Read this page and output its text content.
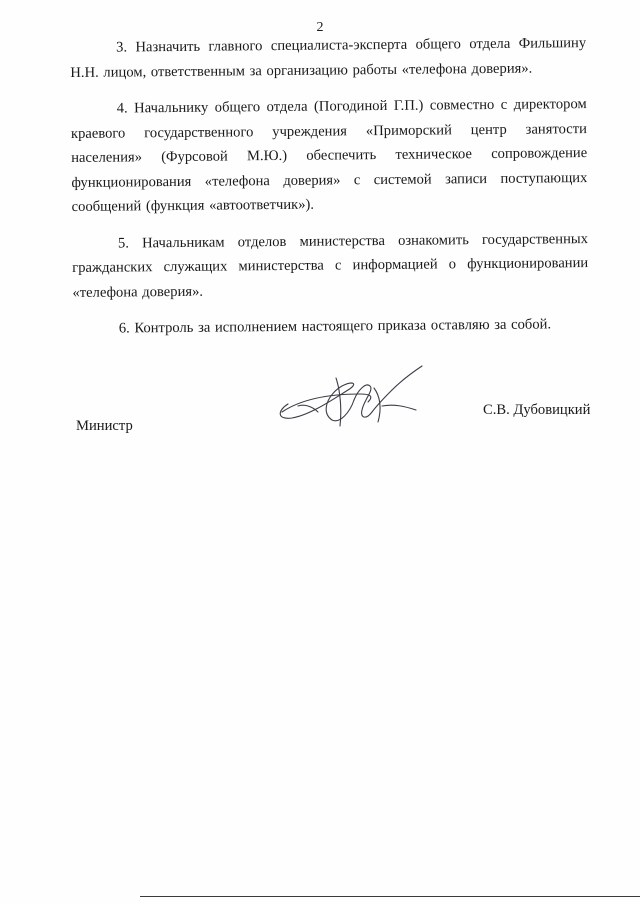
2

3. Назначить главного специалиста-эксперта общего отдела Фильшину Н.Н. лицом, ответственным за организацию работы «телефона доверия».

4. Начальнику общего отдела (Погодиной Г.П.) совместно с директором краевого государственного учреждения «Приморский центр занятости населения» (Фурсовой М.Ю.) обеспечить техническое сопровождение функционирования «телефона доверия» с системой записи поступающих сообщений (функция «автоответчик»).

5. Начальникам отделов министерства ознакомить государственных гражданских служащих министерства с информацией о функционировании «телефона доверия».

6. Контроль за исполнением настоящего приказа оставляю за собой.

Министр
С.В. Дубовицкий
